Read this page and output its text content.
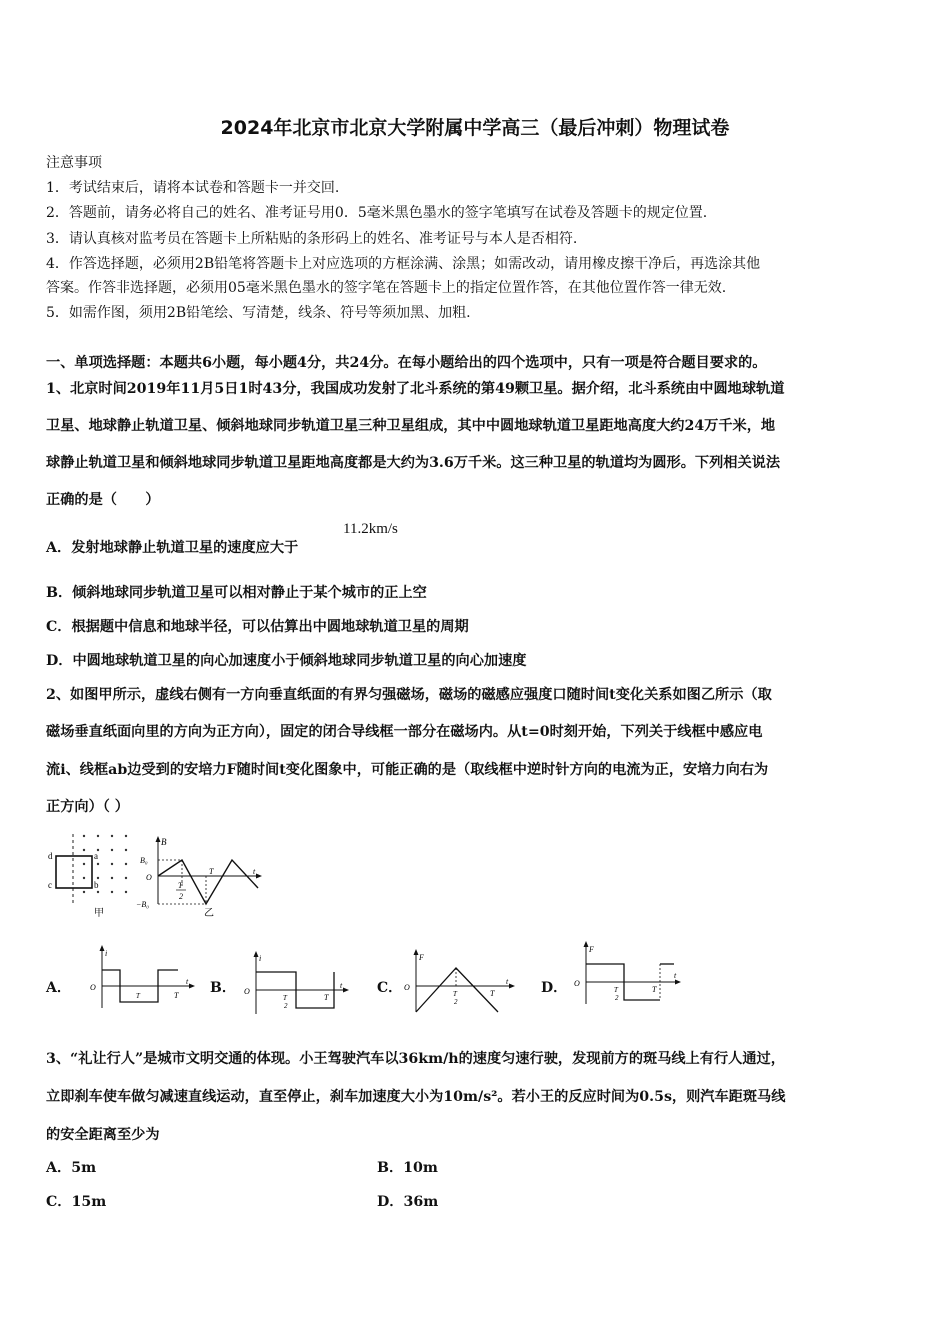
2024年北京市北京大学附属中学高三（最后冲刺）物理试卷
注意事项
1．考试结束后，请将本试卷和答题卡一并交回.
2．答题前，请务必将自己的姓名、准考证号用0．5毫米黑色墨水的签字笔填写在试卷及答题卡的规定位置.
3．请认真核对监考员在答题卡上所粘贴的条形码上的姓名、准考证号与本人是否相符.
4．作答选择题，必须用2B铅笔将答题卡上对应选项的方框涂满、涂黑；如需改动，请用橡皮擦干净后，再选涂其他
答案。作答非选择题，必须用05毫米黑色墨水的签字笔在答题卡上的指定位置作答，在其他位置作答一律无效.
5．如需作图，须用2B铅笔绘、写清楚，线条、符号等须加黑、加粗.
一、单项选择题：本题共6小题，每小题4分，共24分。在每小题给出的四个选项中，只有一项是符合题目要求的。
1、北京时间2019年11月5日1时43分，我国成功发射了北斗系统的第49颗卫星。据介绍，北斗系统由中圆地球轨道
卫星、地球静止轨道卫星、倾斜地球同步轨道卫星三种卫星组成，其中中圆地球轨道卫星距地高度大约24万千米，地
球静止轨道卫星和倾斜地球同步轨道卫星距地高度都是大约为3.6万千米。这三种卫星的轨道均为圆形。下列相关说法
正确的是（　　）
A．发射地球静止轨道卫星的速度应大于
11.2km/s
B．倾斜地球同步轨道卫星可以相对静止于某个城市的正上空
C．根据题中信息和地球半径，可以估算出中圆地球轨道卫星的周期
D．中圆地球轨道卫星的向心加速度小于倾斜地球同步轨道卫星的向心加速度
2、如图甲所示，虚线右侧有一方向垂直纸面的有界匀强磁场，磁场的磁感应强度口随时间t变化关系如图乙所示（取
磁场垂直纸面向里的方向为正方向），固定的闭合导线框一部分在磁场内。从t=0时刻开始，下列关于线框中感应电
流i、线框ab边受到的安培力F随时间t变化图象中，可能正确的是（取线框中逆时针方向的电流为正，安培力向右为
正方向）（ ）
d
c
a
b
甲
B
B₀
O
−B₀
T
2
T	t
乙
A．
i
O
T	T
t B．
i
O
T
2
T
t C．
F
O
T
2
T
t D．
F
O
T
2
T
t
3、“礼让行人”是城市文明交通的体现。小王驾驶汽车以36km/h的速度匀速行驶，发现前方的斑马线上有行人通过，
立即刹车使车做匀减速直线运动，直至停止，刹车加速度大小为10m/s²。若小王的反应时间为0.5s，则汽车距斑马线
的安全距离至少为
A．5m	B．10m
C．15m	D．36m
